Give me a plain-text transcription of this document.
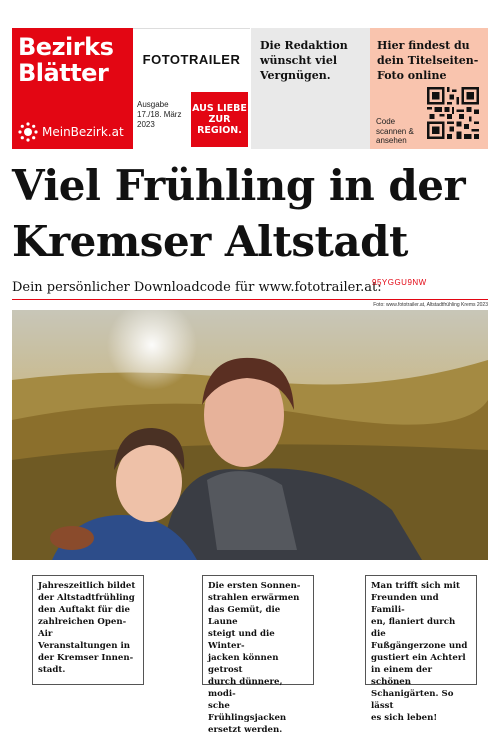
Bezirks
Blätter
MeinBezirk.at
FOTOTRAILER
Ausgabe
17./18. März
2023
AUS LIEBE
ZUR
REGION.
Die Redaktion wünscht viel Vergnügen.
Hier findest du dein Titelseiten-Foto online
Code scannen & ansehen
Viel Frühling in der
Kremser Altstadt
Dein persönlicher Downloadcode für www.fototrailer.at:
95YGGU9NW
Foto: www.fototrailer.at, Altstadtfrühling Krems 2023
Jahreszeitlich bildet
der Altstadtfrühling
den Auftakt für die
zahlreichen Open-Air
Veranstaltungen in
der Kremser Innen-
stadt.
Die ersten Sonnen-
strahlen erwärmen
das Gemüt, die Laune
steigt und die Winter-
jacken können getrost
durch dünnere, modi-
sche Frühlingsjacken
ersetzt werden.
Man trifft sich mit
Freunden und Famili-
en, flaniert durch die
Fußgängerzone und
gustiert ein Achterl
in einem der schönen
Schanigärten. So lässt
es sich leben!
